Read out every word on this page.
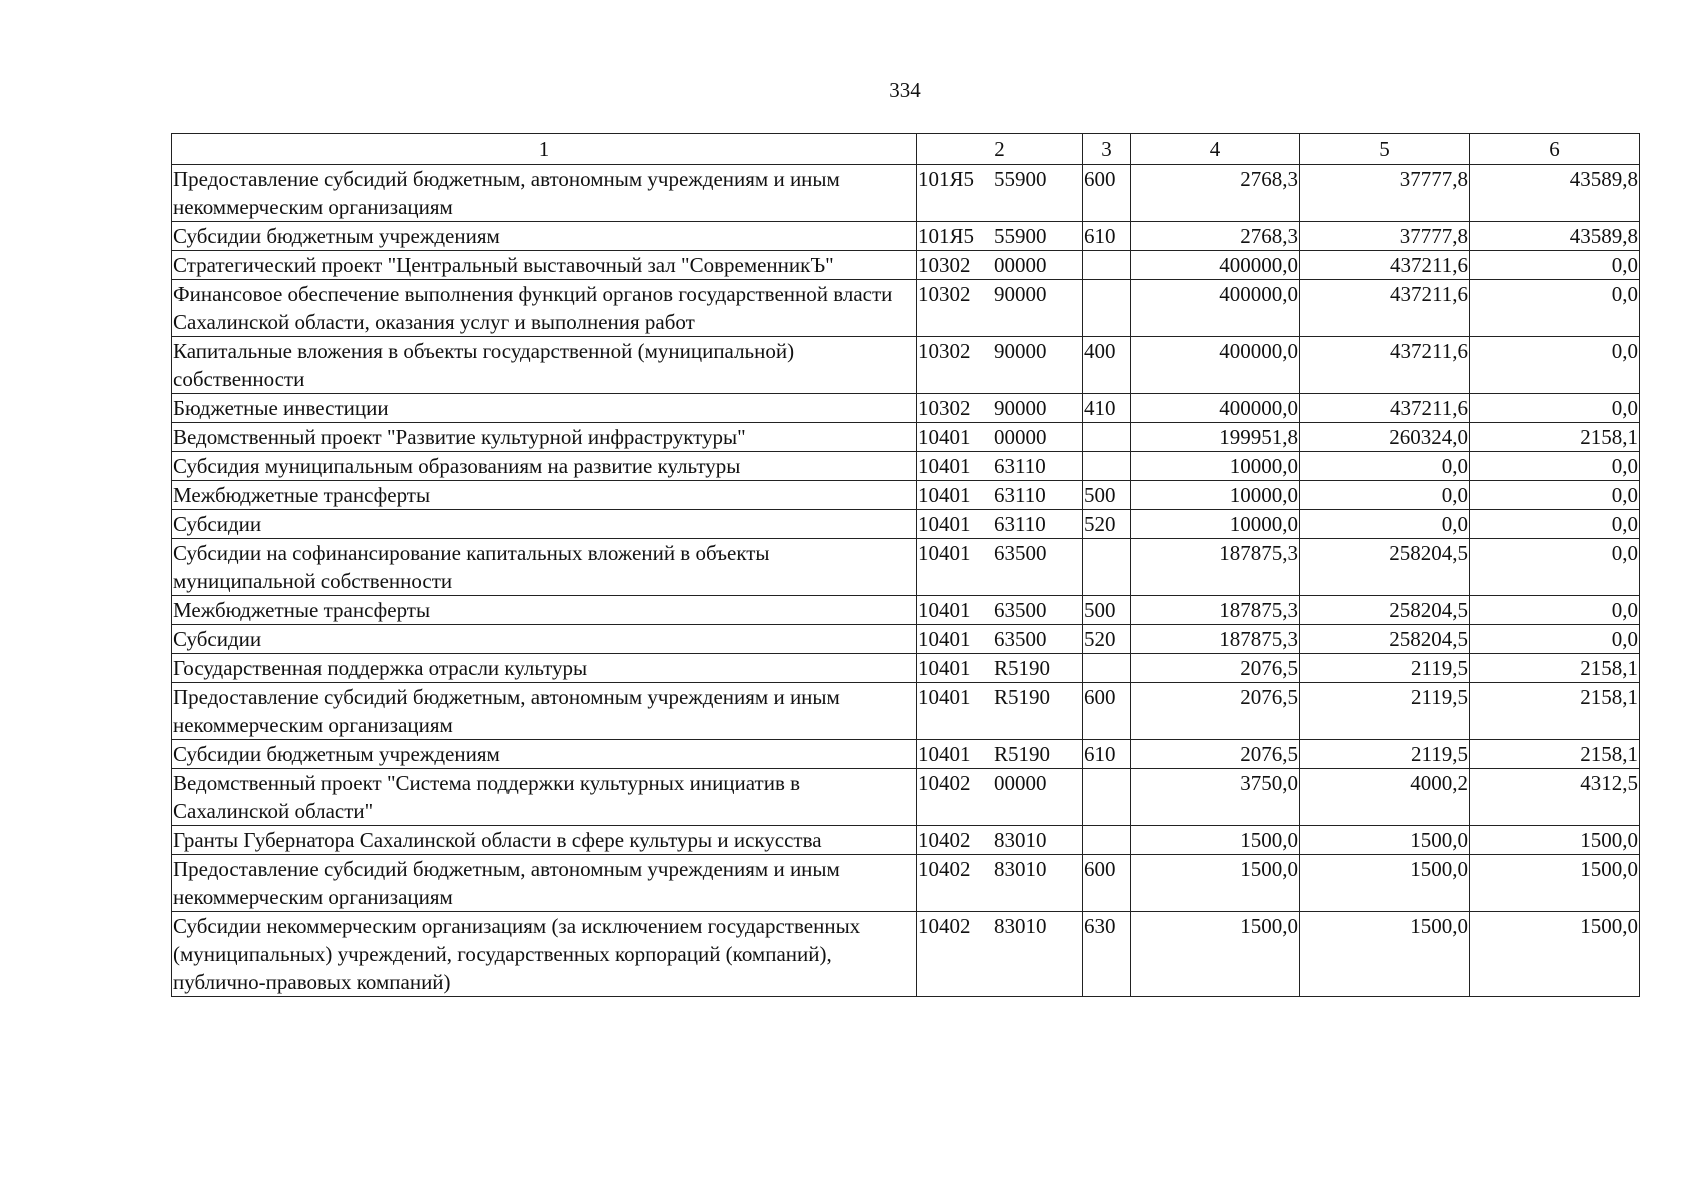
334
1	2	3	4	5	6
Предоставление субсидий бюджетным, автономным учреждениям и иным некоммерческим организациям	101Я5 55900	600	2768,3	37777,8	43589,8
Субсидии бюджетным учреждениям	101Я5 55900	610	2768,3	37777,8	43589,8
Стратегический проект "Центральный выставочный зал "СовременникЪ"	10302 00000		400000,0	437211,6	0,0
Финансовое обеспечение выполнения функций органов государственной власти Сахалинской области, оказания услуг и выполнения работ	10302 90000		400000,0	437211,6	0,0
Капитальные вложения в объекты государственной (муниципальной) собственности	10302 90000	400	400000,0	437211,6	0,0
Бюджетные инвестиции	10302 90000	410	400000,0	437211,6	0,0
Ведомственный проект "Развитие культурной инфраструктуры"	10401 00000		199951,8	260324,0	2158,1
Субсидия муниципальным образованиям на развитие культуры	10401 63110		10000,0	0,0	0,0
Межбюджетные трансферты	10401 63110	500	10000,0	0,0	0,0
Субсидии	10401 63110	520	10000,0	0,0	0,0
Субсидии на софинансирование капитальных вложений в объекты муниципальной собственности	10401 63500		187875,3	258204,5	0,0
Межбюджетные трансферты	10401 63500	500	187875,3	258204,5	0,0
Субсидии	10401 63500	520	187875,3	258204,5	0,0
Государственная поддержка отрасли культуры	10401 R5190		2076,5	2119,5	2158,1
Предоставление субсидий бюджетным, автономным учреждениям и иным некоммерческим организациям	10401 R5190	600	2076,5	2119,5	2158,1
Субсидии бюджетным учреждениям	10401 R5190	610	2076,5	2119,5	2158,1
Ведомственный проект "Система поддержки культурных инициатив в Сахалинской области"	10402 00000		3750,0	4000,2	4312,5
Гранты Губернатора Сахалинской области в сфере культуры и искусства	10402 83010		1500,0	1500,0	1500,0
Предоставление субсидий бюджетным, автономным учреждениям и иным некоммерческим организациям	10402 83010	600	1500,0	1500,0	1500,0
Субсидии некоммерческим организациям (за исключением государственных (муниципальных) учреждений, государственных корпораций (компаний), публично-правовых компаний)	10402 83010	630	1500,0	1500,0	1500,0
